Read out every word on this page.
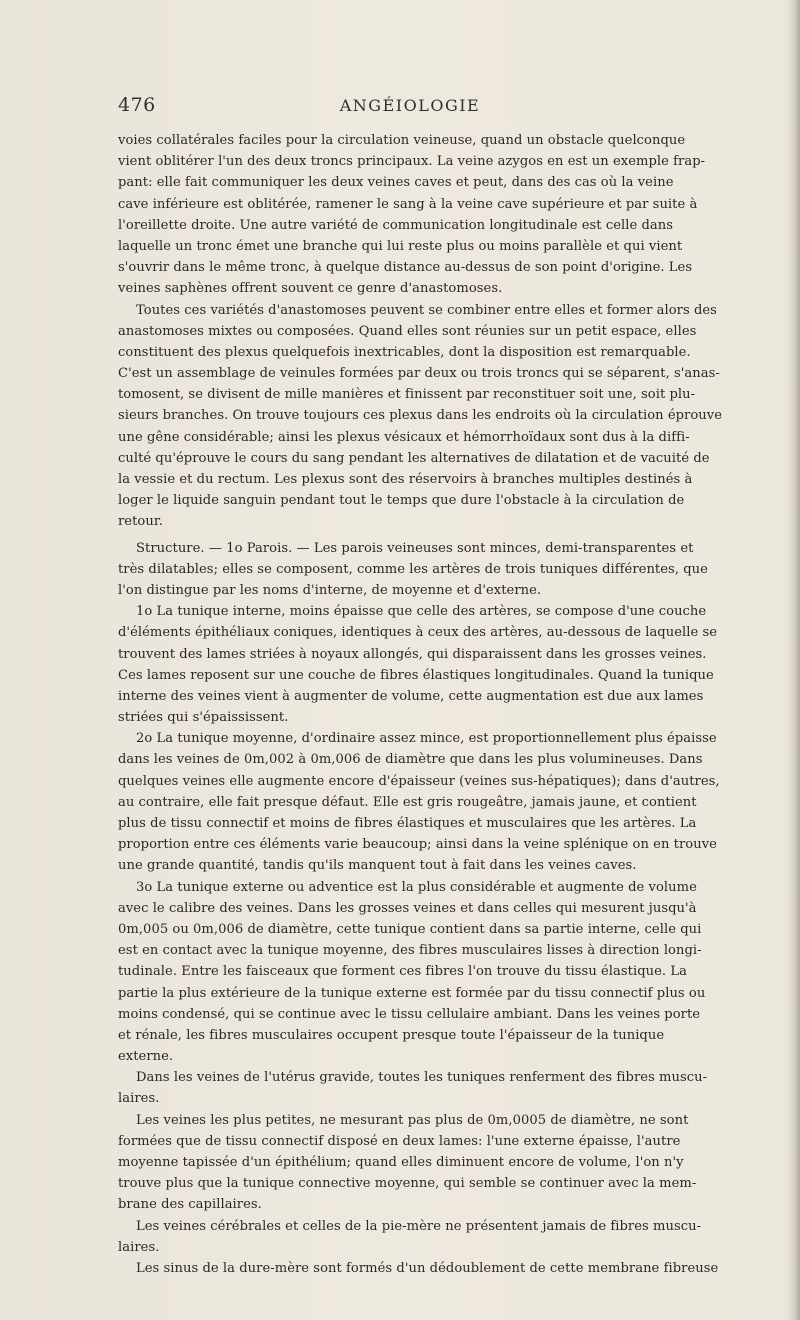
476	ANGÉIOLOGIE
voies collatérales faciles pour la circulation veineuse, quand un obstacle quelconque
vient oblitérer l'un des deux troncs principaux. La veine azygos en est un exemple frap-
pant: elle fait communiquer les deux veines caves et peut, dans des cas où la veine
cave inférieure est oblitérée, ramener le sang à la veine cave supérieure et par suite à
l'oreillette droite. Une autre variété de communication longitudinale est celle dans
laquelle un tronc émet une branche qui lui reste plus ou moins parallèle et qui vient
s'ouvrir dans le même tronc, à quelque distance au-dessus de son point d'origine. Les
veines saphènes offrent souvent ce genre d'anastomoses.
Toutes ces variétés d'anastomoses peuvent se combiner entre elles et former alors des
anastomoses mixtes ou composées. Quand elles sont réunies sur un petit espace, elles
constituent des plexus quelquefois inextricables, dont la disposition est remarquable.
C'est un assemblage de veinules formées par deux ou trois troncs qui se séparent, s'anas-
tomosent, se divisent de mille manières et finissent par reconstituer soit une, soit plu-
sieurs branches. On trouve toujours ces plexus dans les endroits où la circulation éprouve
une gêne considérable; ainsi les plexus vésicaux et hémorrhoïdaux sont dus à la diffi-
culté qu'éprouve le cours du sang pendant les alternatives de dilatation et de vacuité de
la vessie et du rectum. Les plexus sont des réservoirs à branches multiples destinés à
loger le liquide sanguin pendant tout le temps que dure l'obstacle à la circulation de
retour.
Structure. — 1o Parois. — Les parois veineuses sont minces, demi-transparentes et
très dilatables; elles se composent, comme les artères de trois tuniques différentes, que
l'on distingue par les noms d'interne, de moyenne et d'externe.
1o La tunique interne, moins épaisse que celle des artères, se compose d'une couche
d'éléments épithéliaux coniques, identiques à ceux des artères, au-dessous de laquelle se
trouvent des lames striées à noyaux allongés, qui disparaissent dans les grosses veines.
Ces lames reposent sur une couche de fibres élastiques longitudinales. Quand la tunique
interne des veines vient à augmenter de volume, cette augmentation est due aux lames
striées qui s'épaississent.
2o La tunique moyenne, d'ordinaire assez mince, est proportionnellement plus épaisse
dans les veines de 0m,002 à 0m,006 de diamètre que dans les plus volumineuses. Dans
quelques veines elle augmente encore d'épaisseur (veines sus-hépatiques); dans d'autres,
au contraire, elle fait presque défaut. Elle est gris rougeâtre, jamais jaune, et contient
plus de tissu connectif et moins de fibres élastiques et musculaires que les artères. La
proportion entre ces éléments varie beaucoup; ainsi dans la veine splénique on en trouve
une grande quantité, tandis qu'ils manquent tout à fait dans les veines caves.
3o La tunique externe ou adventice est la plus considérable et augmente de volume
avec le calibre des veines. Dans les grosses veines et dans celles qui mesurent jusqu'à
0m,005 ou 0m,006 de diamètre, cette tunique contient dans sa partie interne, celle qui
est en contact avec la tunique moyenne, des fibres musculaires lisses à direction longi-
tudinale. Entre les faisceaux que forment ces fibres l'on trouve du tissu élastique. La
partie la plus extérieure de la tunique externe est formée par du tissu connectif plus ou
moins condensé, qui se continue avec le tissu cellulaire ambiant. Dans les veines porte
et rénale, les fibres musculaires occupent presque toute l'épaisseur de la tunique
externe.
Dans les veines de l'utérus gravide, toutes les tuniques renferment des fibres muscu-
laires.
Les veines les plus petites, ne mesurant pas plus de 0m,0005 de diamètre, ne sont
formées que de tissu connectif disposé en deux lames: l'une externe épaisse, l'autre
moyenne tapissée d'un épithélium; quand elles diminuent encore de volume, l'on n'y
trouve plus que la tunique connective moyenne, qui semble se continuer avec la mem-
brane des capillaires.
Les veines cérébrales et celles de la pie-mère ne présentent jamais de fibres muscu-
laires.
Les sinus de la dure-mère sont formés d'un dédoublement de cette membrane fibreuse
